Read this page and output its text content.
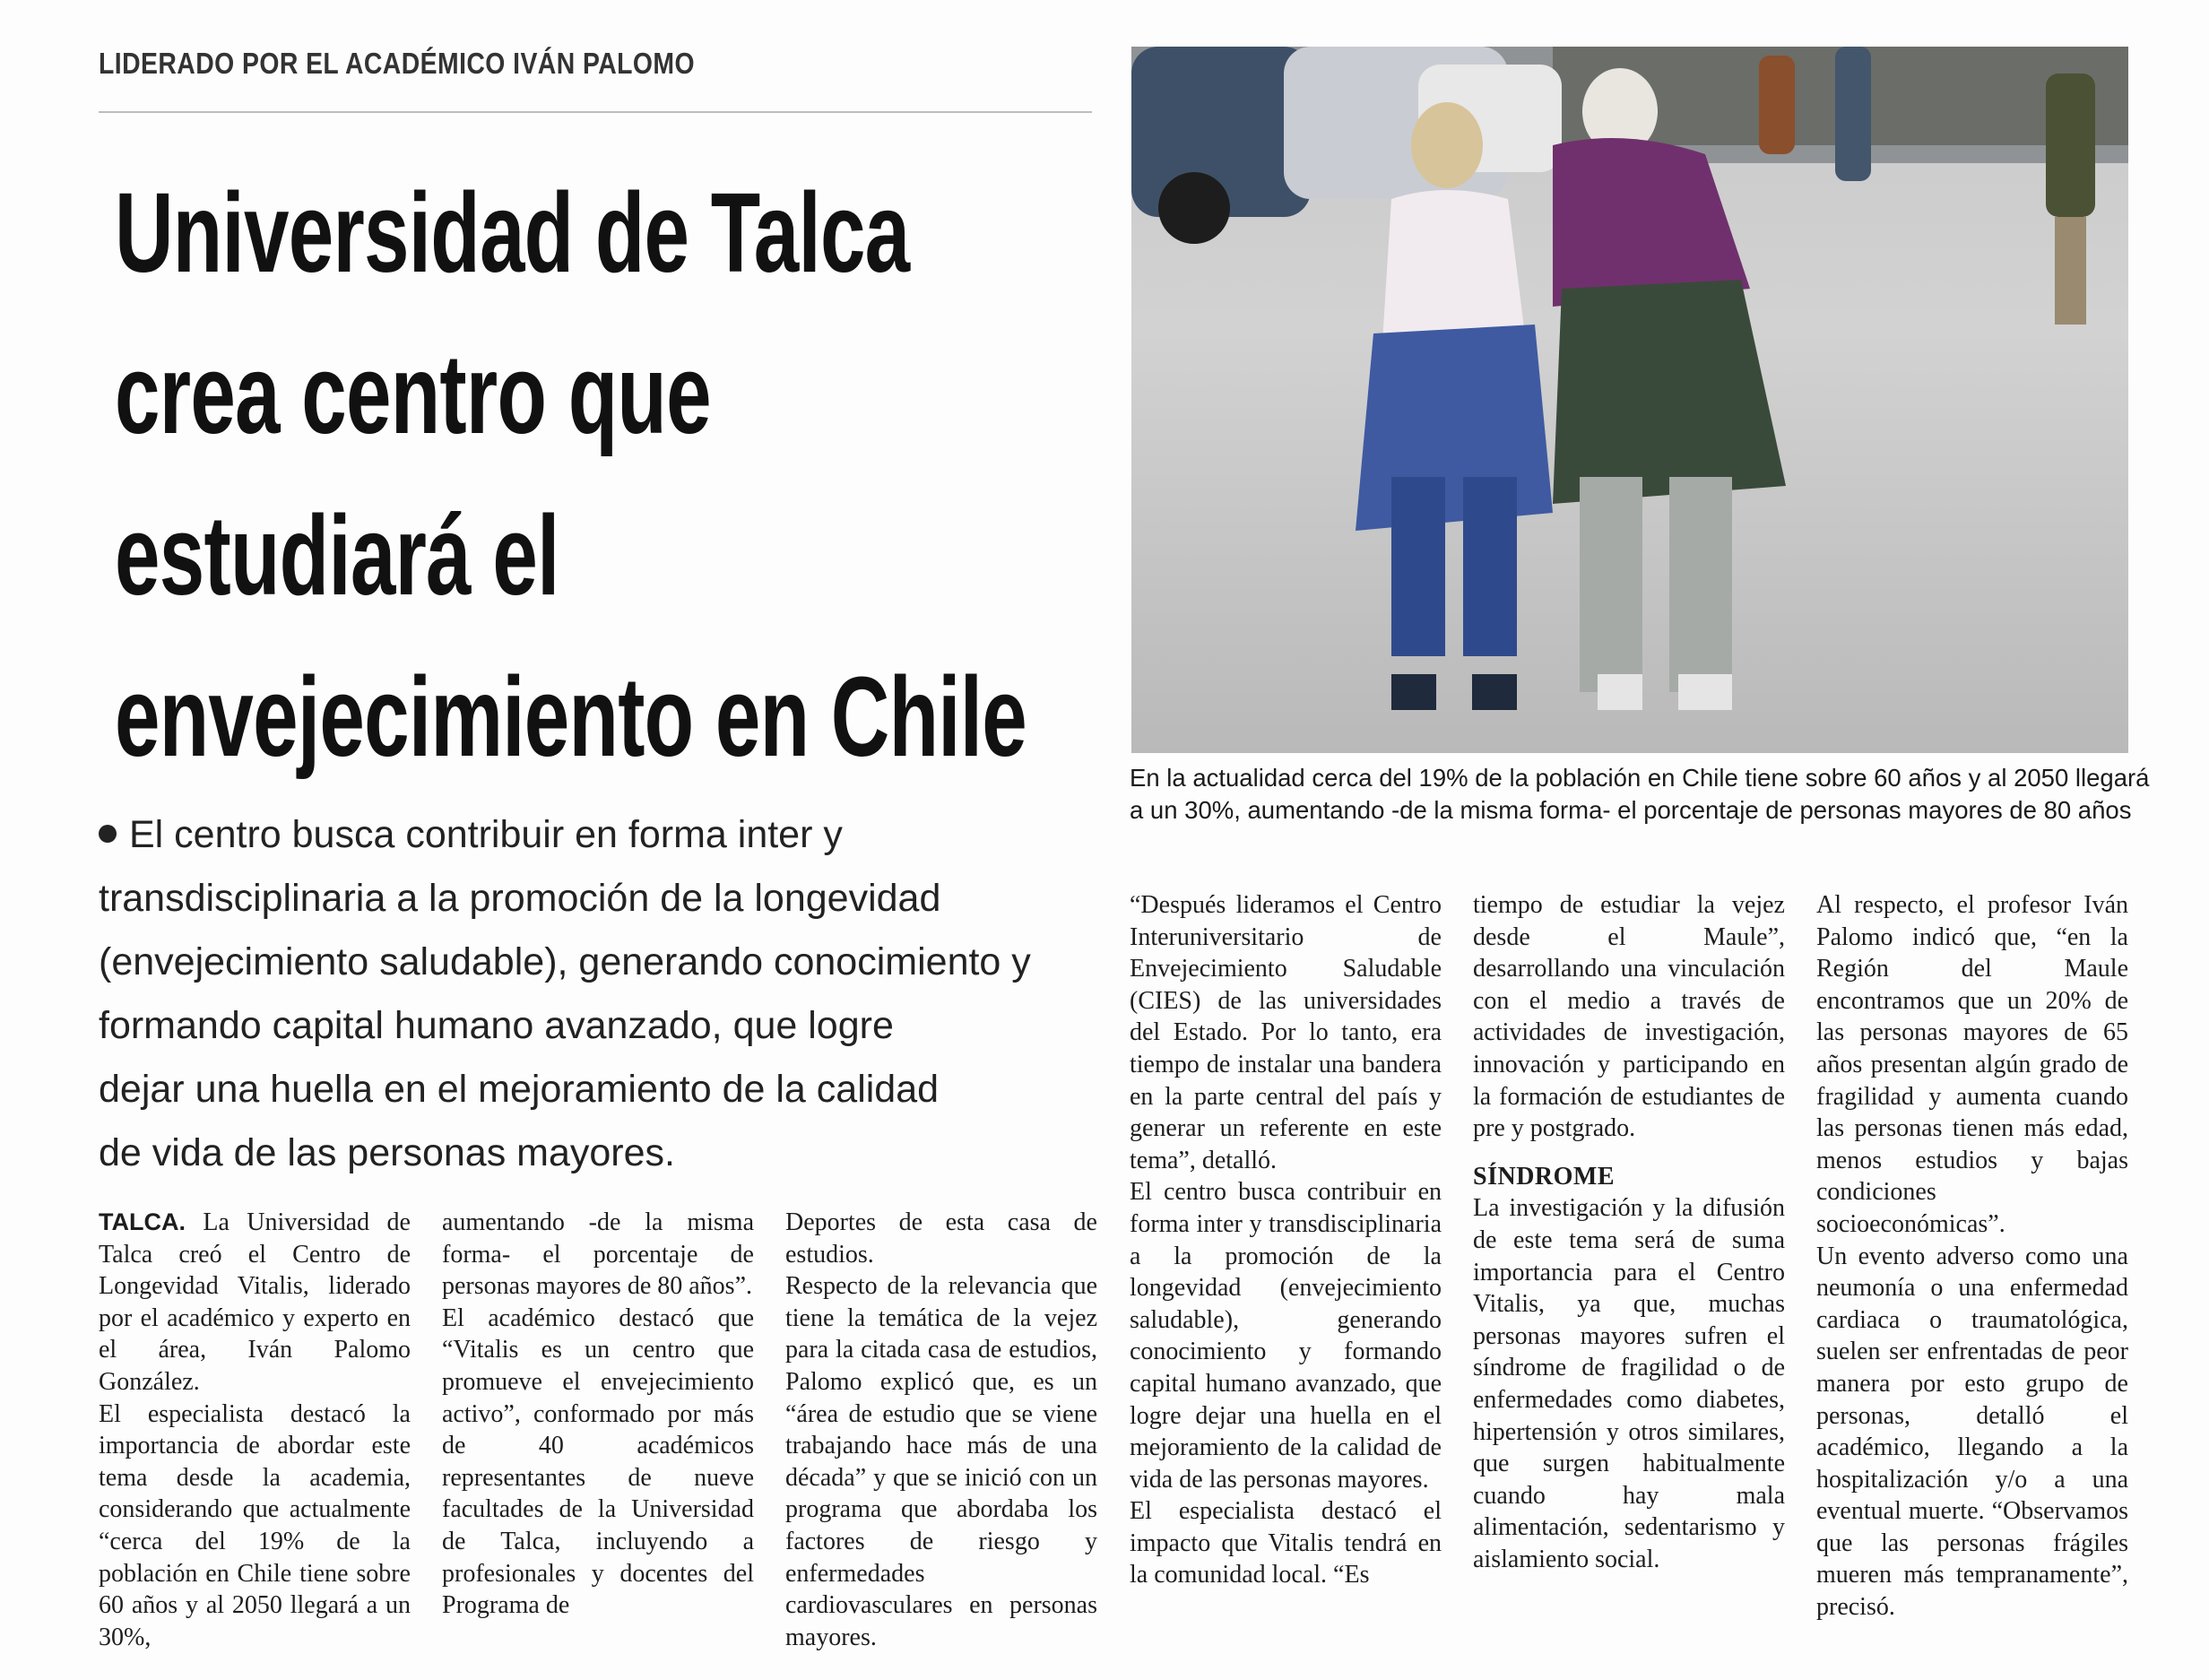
LIDERADO POR EL ACADÉMICO IVÁN PALOMO
Universidad de Talca
crea centro que
estudiará el
envejecimiento en Chile	En la actualidad cerca del 19% de la población en Chile tiene sobre 60 años y al 2050 llegará
a un 30%, aumentando -de la misma forma- el porcentaje de personas mayores de 80 años
El centro busca contribuir en forma inter y
transdisciplinaria a la promoción de la longevidad
(envejecimiento saludable), generando conocimiento y
formando capital humano avanzado, que logre
dejar una huella en el mejoramiento de la calidad
de vida de las personas mayores.

TALCA. La Universidad de Talca creó el Centro de Longevidad Vitalis, liderado por el académico y experto en el área, Iván Palomo González.

El especialista destacó la importancia de abordar este tema desde la academia, considerando que actualmente “cerca del 19% de la población en Chile tiene sobre 60 años y al 2050 llegará a un 30%,

aumentando -de la misma forma- el porcentaje de personas mayores de 80 años”.

El académico destacó que “Vitalis es un centro que promueve el envejecimiento activo”, conformado por más de 40 académicos representantes de nueve facultades de la Universidad de Talca, incluyendo a profesionales y docentes del Programa de

Deportes de esta casa de estudios.

Respecto de la relevancia que tiene la temática de la vejez para la citada casa de estudios, Palomo explicó que, es un “área de estudio que se viene trabajando hace más de una década” y que se inició con un programa que abordaba los factores de riesgo y enfermedades cardiovasculares en personas mayores.

“Después lideramos el Centro Interuniversitario de Envejecimiento Saludable (CIES) de las universidades del Estado. Por lo tanto, era tiempo de instalar una bandera en la parte central del país y generar un referente en este tema”, detalló.

El centro busca contribuir en forma inter y transdisciplinaria a la promoción de la longevidad (envejecimiento saludable), generando conocimiento y formando capital humano avanzado, que logre dejar una huella en el mejoramiento de la calidad de vida de las personas mayores.

El especialista destacó el impacto que Vitalis tendrá en la comunidad local. “Es

tiempo de estudiar la vejez desde el Maule”, desarrollando una vinculación con el medio a través de actividades de investigación, innovación y participando en la formación de estudiantes de pre y postgrado.

SÍNDROME

La investigación y la difusión de este tema será de suma importancia para el Centro Vitalis, ya que, muchas personas mayores sufren el síndrome de fragilidad o de enfermedades como diabetes, hipertensión y otros similares, que surgen habitualmente cuando hay mala alimentación, sedentarismo y aislamiento social.

Al respecto, el profesor Iván Palomo indicó que, “en la Región del Maule encontramos que un 20% de las personas mayores de 65 años presentan algún grado de fragilidad y aumenta cuando las personas tienen más edad, menos estudios y bajas condiciones socioeconómicas”.

Un evento adverso como una neumonía o una enfermedad cardiaca o traumatológica, suelen ser enfrentadas de peor manera por esto grupo de personas, detalló el académico, llegando a la hospitalización y/o a una eventual muerte. “Observamos que las personas frágiles mueren más tempranamente”, precisó.
